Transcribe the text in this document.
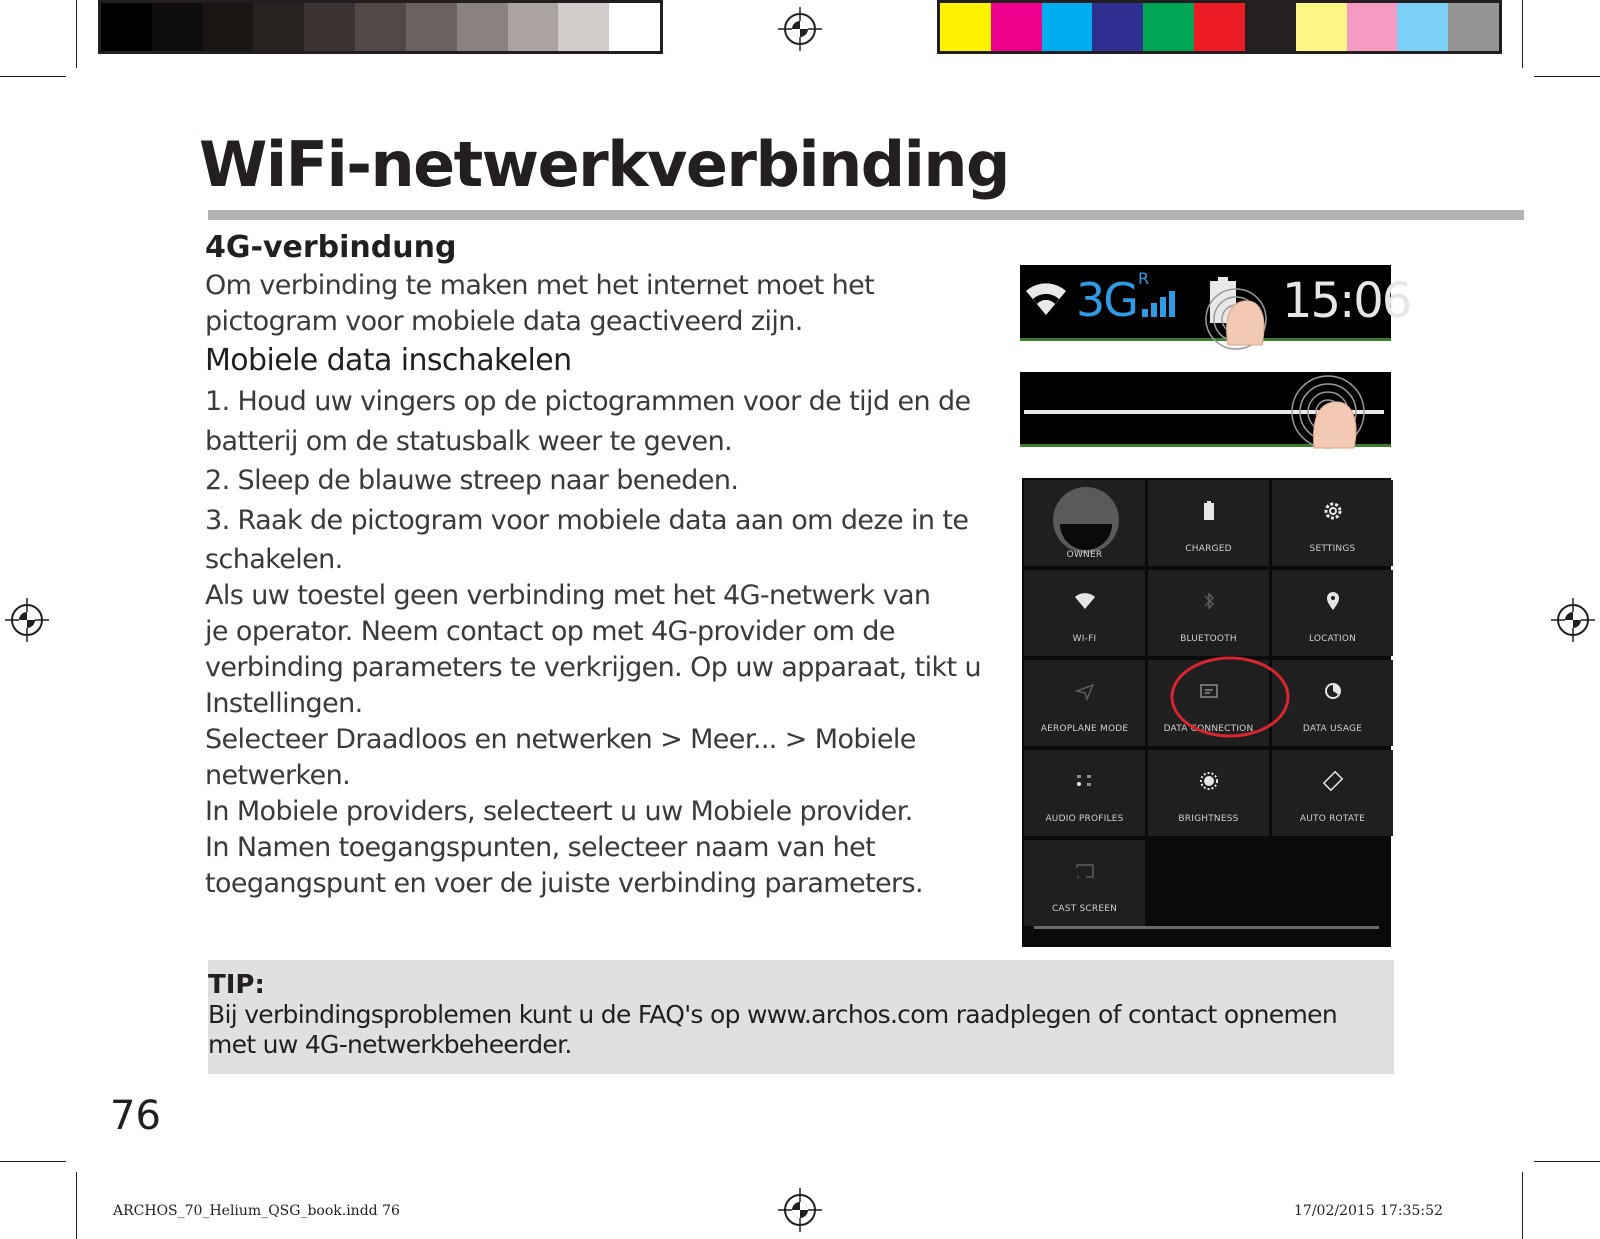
WiFi-netwerkverbinding
4G-verbindung
Om verbinding te maken met het internet moet het
pictogram voor mobiele data geactiveerd zijn.
Mobiele data inschakelen
1. Houd uw vingers op de pictogrammen voor de tijd en de
batterij om de statusbalk weer te geven.
2. Sleep de blauwe streep naar beneden.
3. Raak de pictogram voor mobiele data aan om deze in te
schakelen.
Als uw toestel geen verbinding met het 4G-netwerk van
je operator. Neem contact op met 4G-provider om de
verbinding parameters te verkrijgen. Op uw apparaat, tikt u
Instellingen.
Selecteer Draadloos en netwerken > Meer... > Mobiele
netwerken.
In Mobiele providers, selecteert u uw Mobiele provider.
In Namen toegangspunten, selecteer naam van het
toegangspunt en voer de juiste verbinding parameters.
3G R	15:06
OWNER
CHARGED	SETTINGS
WI-FI	BLUETOOTH	LOCATION
AEROPLANE MODE	DATA CONNECTION	DATA USAGE
AUDIO PROFILES	BRIGHTNESS	AUTO ROTATE
CAST SCREEN
TIP:
Bij verbindingsproblemen kunt u de FAQ's op www.archos.com raadplegen of contact opnemen met uw 4G-netwerkbeheerder.
76
ARCHOS_70_Helium_QSG_book.indd 76	17/02/2015 17:35:52
